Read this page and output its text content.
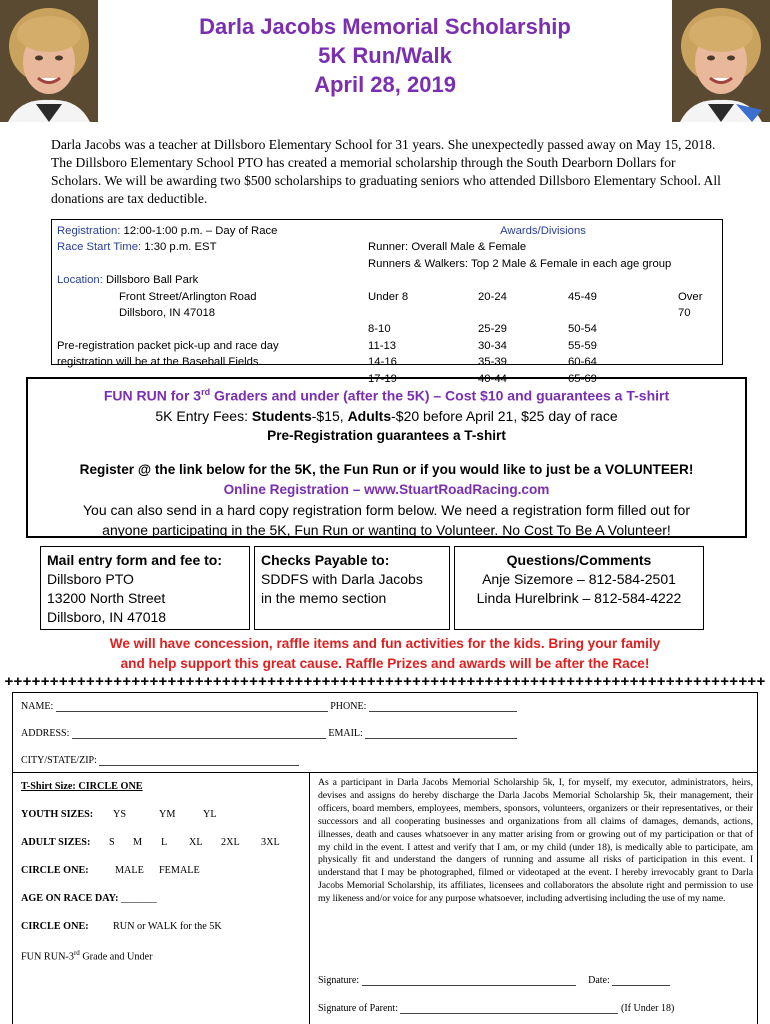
Darla Jacobs Memorial Scholarship
5K Run/Walk
April 28, 2019
Darla Jacobs was a teacher at Dillsboro Elementary School for 31 years. She unexpectedly passed away on May 15, 2018. The Dillsboro Elementary School PTO has created a memorial scholarship through the South Dearborn Dollars for Scholars. We will be awarding two $500 scholarships to graduating seniors who attended Dillsboro Elementary School. All donations are tax deductible.
Registration: 12:00-1:00 p.m. – Day of Race
Race Start Time: 1:30 p.m. EST
Location: Dillsboro Ball Park
Front Street/Arlington Road
Dillsboro, IN 47018
Pre-registration packet pick-up and race day
registration will be at the Baseball Fields.
Awards/Divisions
Runner: Overall Male & Female
Runners & Walkers: Top 2 Male & Female in each age group
Under 8	20-24	45-49	Over 70
8-10	25-29	50-54
11-13	30-34	55-59
14-16	35-39	60-64
17-19	40-44	65-69
FUN RUN for 3rd Graders and under (after the 5K) – Cost $10 and guarantees a T-shirt
5K Entry Fees: Students-$15, Adults-$20 before April 21, $25 day of race
Pre-Registration guarantees a T-shirt
Register @ the link below for the 5K, the Fun Run or if you would like to just be a VOLUNTEER!
Online Registration – www.StuartRoadRacing.com
You can also send in a hard copy registration form below. We need a registration form filled out for
anyone participating in the 5K, Fun Run or wanting to Volunteer. No Cost To Be A Volunteer!
Mail entry form and fee to:
Dillsboro PTO
13200 North Street
Dillsboro, IN 47018
Checks Payable to:
SDDFS with Darla Jacobs
in the memo section
Questions/Comments
Anje Sizemore – 812-584-2501
Linda Hurelbrink – 812-584-4222
We will have concession, raffle items and fun activities for the kids. Bring your family
and help support this great cause. Raffle Prizes and awards will be after the Race!
++++++++++++++++++++++++++++++++++++++++++++++++++++++++++++++++++++++++++++++++++++
NAME:	PHONE:
ADDRESS:	EMAIL:
CITY/STATE/ZIP:
T-Shirt Size: CIRCLE ONE
YOUTH SIZES: YS	YM	YL
ADULT SIZES: S M L XL 2XL 3XL
CIRCLE ONE:	MALE FEMALE
AGE ON RACE DAY: _______
CIRCLE ONE: RUN or WALK for the 5K
FUN RUN-3rd Grade and Under
As a participant in Darla Jacobs Memorial Scholarship 5k, I, for myself, my executor, administrators, heirs, devises and assigns do hereby discharge the Darla Jacobs Memorial Scholarship 5k, their management, their officers, board members, employees, members, sponsors, volunteers, organizers or their representatives, or their successors and all cooperating businesses and organizations from all claims of damages, demands, actions, illnesses, death and causes whatsoever in any matter arising from or growing out of my participation or that of my child in the event. I attest and verify that I am, or my child (under 18), is medically able to participate, am physically fit and understand the dangers of running and assume all risks of participation in this event. I understand that I may be photographed, filmed or videotaped at the event. I hereby irrevocably grant to Darla Jacobs Memorial Scholarship, its affiliates, licensees and collaborators the absolute right and permission to use my likeness and/or voice for any purpose whatsoever, including advertising including the use of my name.
Signature:	Date:
Signature of Parent:	(If Under 18)
